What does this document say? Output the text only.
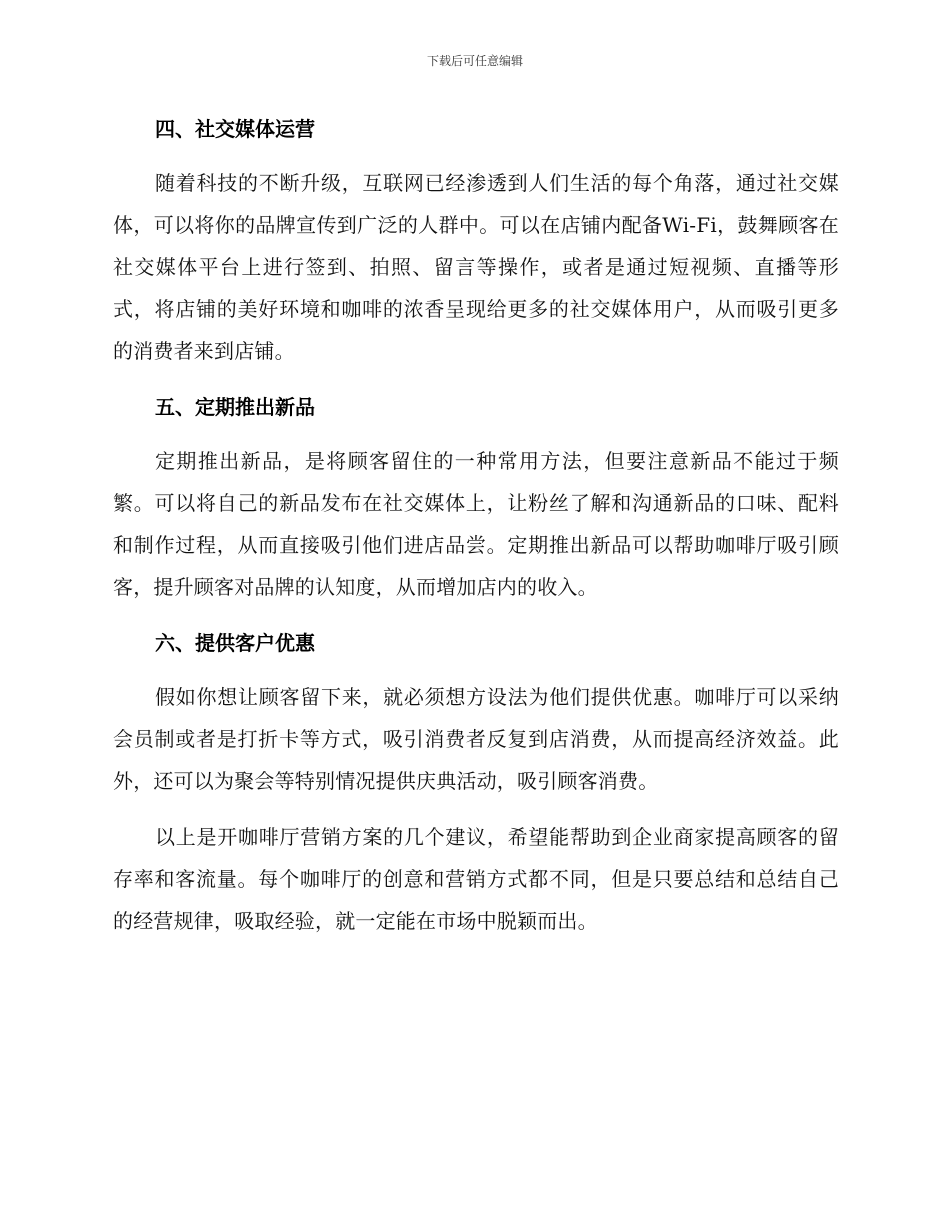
下载后可任意编辑
四、社交媒体运营

随着科技的不断升级，互联网已经渗透到人们生活的每个角落，通过社交媒体，可以将你的品牌宣传到广泛的人群中。可以在店铺内配备Wi-Fi，鼓舞顾客在社交媒体平台上进行签到、拍照、留言等操作，或者是通过短视频、直播等形式，将店铺的美好环境和咖啡的浓香呈现给更多的社交媒体用户，从而吸引更多的消费者来到店铺。

五、定期推出新品

定期推出新品，是将顾客留住的一种常用方法，但要注意新品不能过于频繁。可以将自己的新品发布在社交媒体上，让粉丝了解和沟通新品的口味、配料和制作过程，从而直接吸引他们进店品尝。定期推出新品可以帮助咖啡厅吸引顾客，提升顾客对品牌的认知度，从而增加店内的收入。

六、提供客户优惠

假如你想让顾客留下来，就必须想方设法为他们提供优惠。咖啡厅可以采纳会员制或者是打折卡等方式，吸引消费者反复到店消费，从而提高经济效益。此外，还可以为聚会等特别情况提供庆典活动，吸引顾客消费。

以上是开咖啡厅营销方案的几个建议，希望能帮助到企业商家提高顾客的留存率和客流量。每个咖啡厅的创意和营销方式都不同，但是只要总结和总结自己的经营规律，吸取经验，就一定能在市场中脱颖而出。
